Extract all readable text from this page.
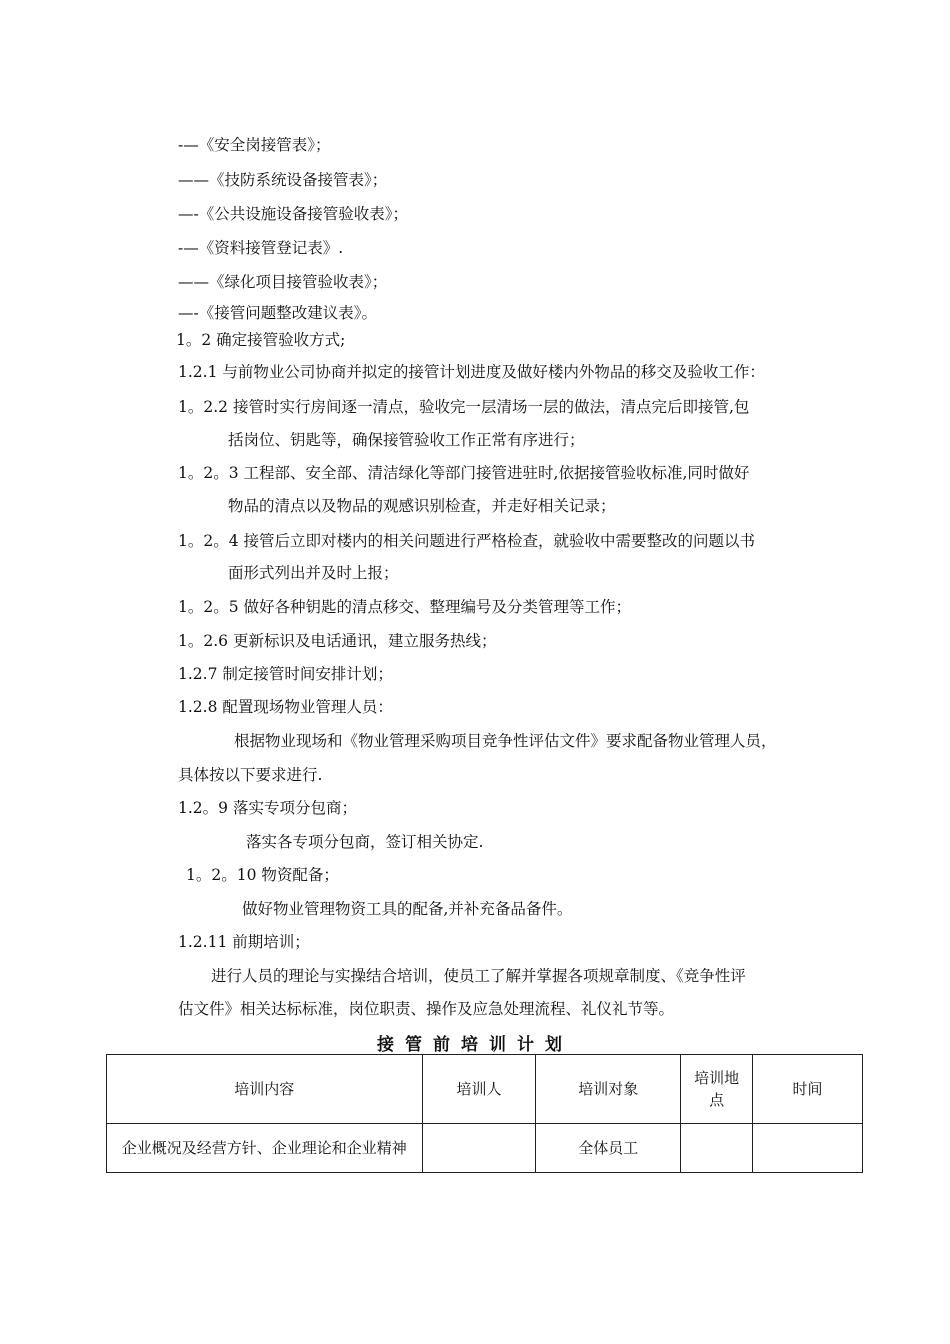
-—《安全岗接管表》；
——《技防系统设备接管表》；
—-《公共设施设备接管验收表》；
-—《资料接管登记表》.
——《绿化项目接管验收表》；
—-《接管问题整改建议表》。
1。2 确定接管验收方式;
1.2.1 与前物业公司协商并拟定的接管计划进度及做好楼内外物品的移交及验收工作：
1。2.2 接管时实行房间逐一清点，验收完一层清场一层的做法，清点完后即接管,包
括岗位、钥匙等，确保接管验收工作正常有序进行；
1。2。3 工程部、安全部、清洁绿化等部门接管进驻时,依据接管验收标准,同时做好
物品的清点以及物品的观感识别检查，并走好相关记录；
1。2。4 接管后立即对楼内的相关问题进行严格检查，就验收中需要整改的问题以书
面形式列出并及时上报；
1。2。5 做好各种钥匙的清点移交、整理编号及分类管理等工作；
1。2.6 更新标识及电话通讯，建立服务热线；
1.2.7 制定接管时间安排计划；
1.2.8 配置现场物业管理人员：
根据物业现场和《物业管理采购项目竞争性评估文件》要求配备物业管理人员，
具体按以下要求进行.
1.2。9 落实专项分包商；
落实各专项分包商，签订相关协定.
1。2。10 物资配备；
做好物业管理物资工具的配备,并补充备品备件。
1.2.11 前期培训；
进行人员的理论与实操结合培训，使员工了解并掌握各项规章制度、《竞争性评
估文件》相关达标标准，岗位职责、操作及应急处理流程、礼仪礼节等。
接管前培训计划
培训内容	培训人	培训对象	培训地点	时间
企业概况及经营方针、企业理论和企业精神		全体员工		
